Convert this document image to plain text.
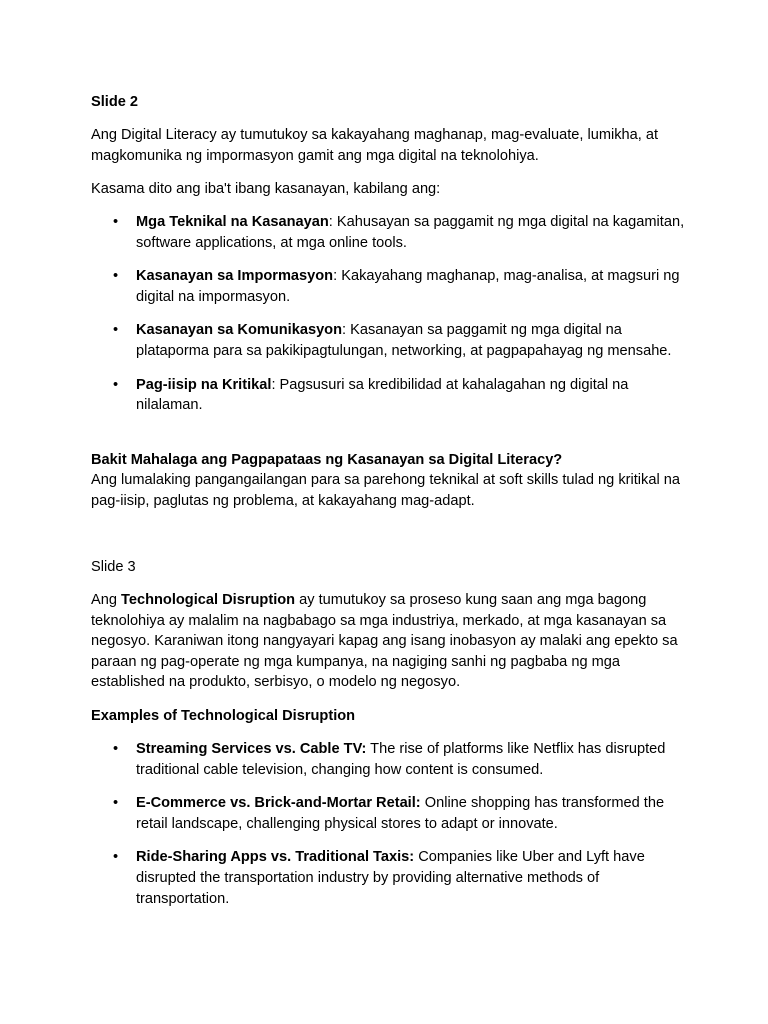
Slide 2

Ang Digital Literacy ay tumutukoy sa kakayahang maghanap, mag-evaluate, lumikha, at magkomunika ng impormasyon gamit ang mga digital na teknolohiya.

Kasama dito ang iba't ibang kasanayan, kabilang ang:

• Mga Teknikal na Kasanayan: Kahusayan sa paggamit ng mga digital na kagamitan, software applications, at mga online tools.
• Kasanayan sa Impormasyon: Kakayahang maghanap, mag-analisa, at magsuri ng digital na impormasyon.
• Kasanayan sa Komunikasyon: Kasanayan sa paggamit ng mga digital na plataporma para sa pakikipagtulungan, networking, at pagpapahayag ng mensahe.
• Pag-iisip na Kritikal: Pagsusuri sa kredibilidad at kahalagahan ng digital na nilalaman.

Bakit Mahalaga ang Pagpapataas ng Kasanayan sa Digital Literacy?

Ang lumalaking pangangailangan para sa parehong teknikal at soft skills tulad ng kritikal na pag-iisip, paglutas ng problema, at kakayahang mag-adapt.

Slide 3

Ang Technological Disruption ay tumutukoy sa proseso kung saan ang mga bagong teknolohiya ay malalim na nagbabago sa mga industriya, merkado, at mga kasanayan sa negosyo. Karaniwan itong nangyayari kapag ang isang inobasyon ay malaki ang epekto sa paraan ng pag-operate ng mga kumpanya, na nagiging sanhi ng pagbaba ng mga established na produkto, serbisyo, o modelo ng negosyo.

Examples of Technological Disruption

• Streaming Services vs. Cable TV: The rise of platforms like Netflix has disrupted traditional cable television, changing how content is consumed.
• E-Commerce vs. Brick-and-Mortar Retail: Online shopping has transformed the retail landscape, challenging physical stores to adapt or innovate.
• Ride-Sharing Apps vs. Traditional Taxis: Companies like Uber and Lyft have disrupted the transportation industry by providing alternative methods of transportation.
